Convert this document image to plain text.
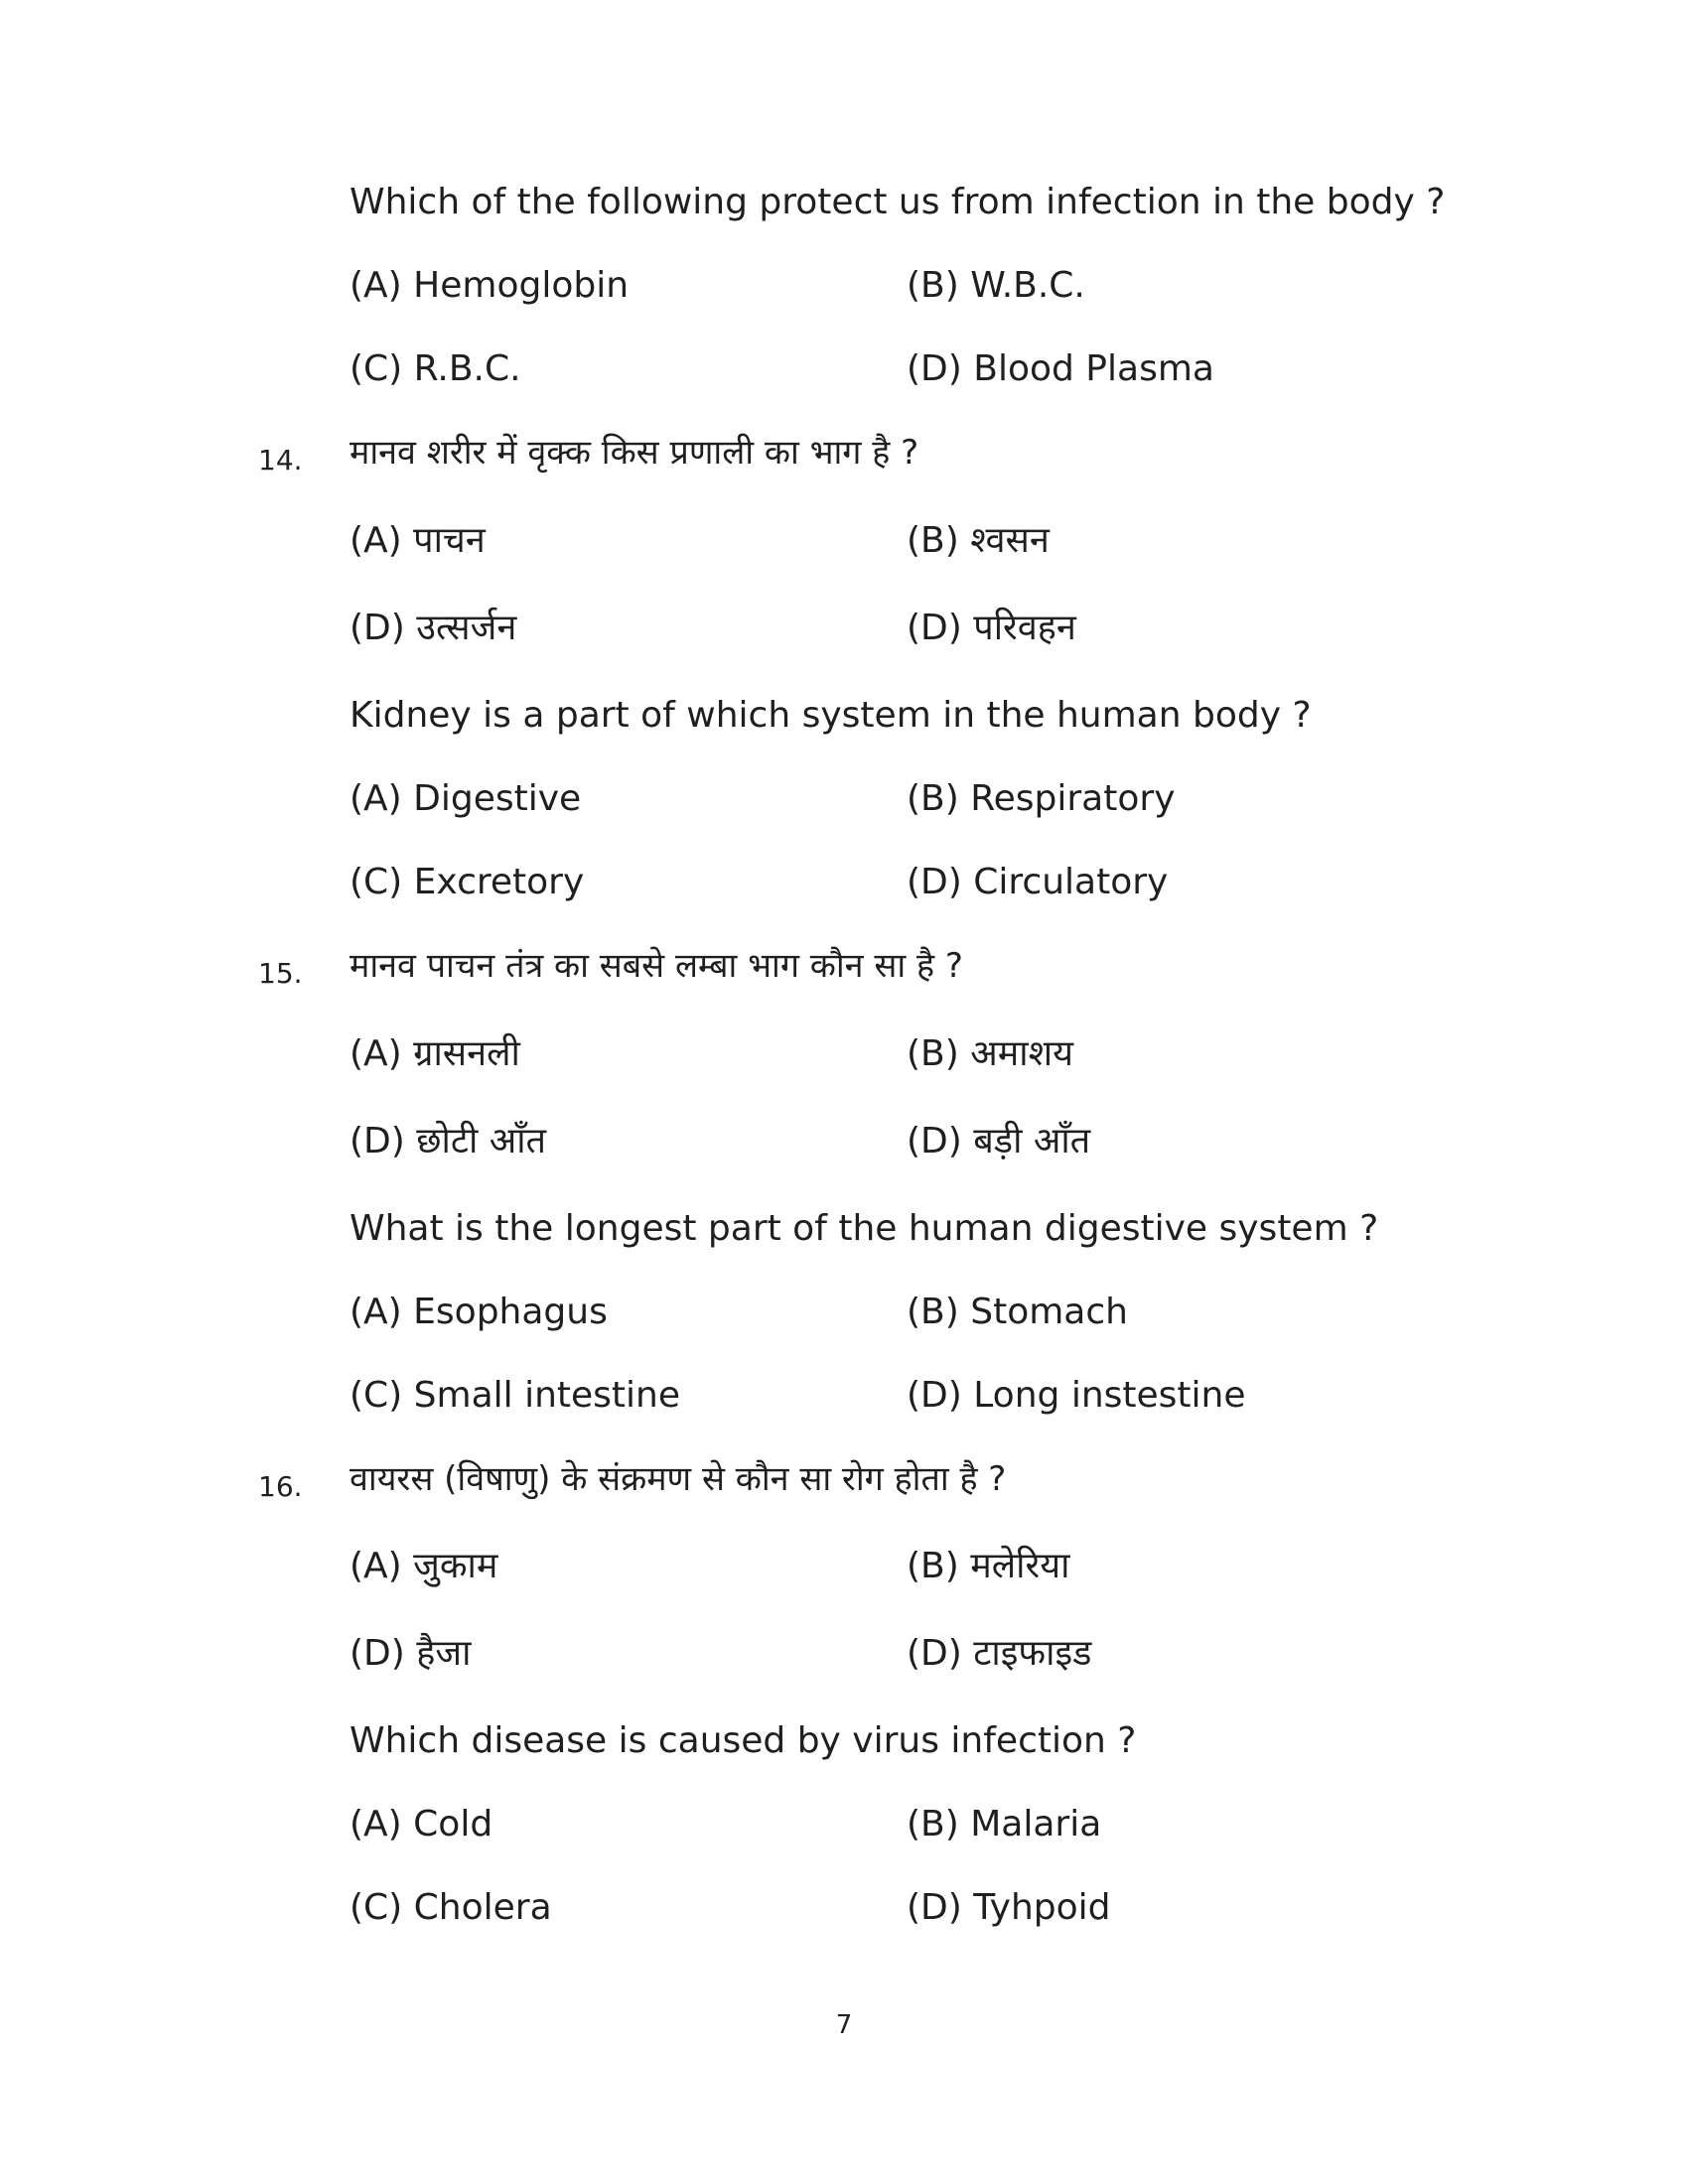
Which of the following protect us from infection in the body ?
(A) Hemoglobin	(B) W.B.C.
(C) R.B.C.	(D) Blood Plasma
14. मानव शरीर में वृक्क किस प्रणाली का भाग है ?
(A) पाचन	(B) श्वसन
(D) उत्सर्जन	(D) परिवहन
Kidney is a part of which system in the human body ?
(A) Digestive	(B) Respiratory
(C) Excretory	(D) Circulatory
15. मानव पाचन तंत्र का सबसे लम्बा भाग कौन सा है ?
(A) ग्रासनली	(B) अमाशय
(D) छोटी आँत	(D) बड़ी आँत
What is the longest part of the human digestive system ?
(A) Esophagus	(B) Stomach
(C) Small intestine	(D) Long instestine
16. वायरस (विषाणु) के संक्रमण से कौन सा रोग होता है ?
(A) जुकाम	(B) मलेरिया
(D) हैजा	(D) टाइफाइड
Which disease is caused by virus infection ?
(A) Cold	(B) Malaria
(C) Cholera	(D) Tyhpoid
7
